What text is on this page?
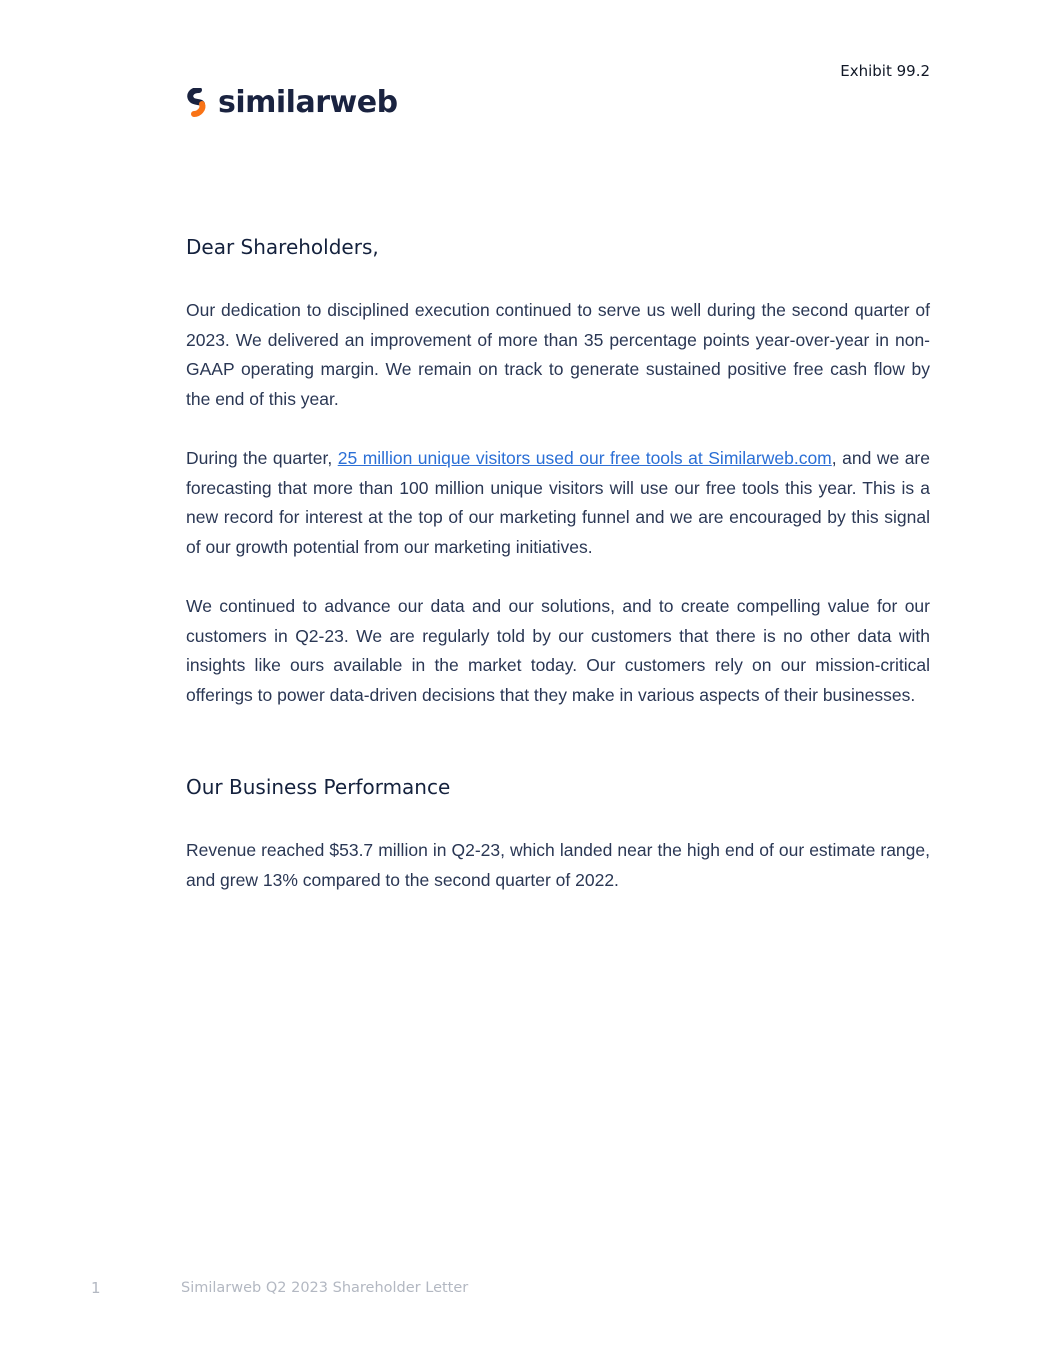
Exhibit 99.2
similarweb
Dear Shareholders,

Our dedication to disciplined execution continued to serve us well during the second quarter of 2023. We delivered an improvement of more than 35 percentage points year-over-year in non-GAAP operating margin. We remain on track to generate sustained positive free cash flow by the end of this year.

During the quarter, 25 million unique visitors used our free tools at Similarweb.com, and we are forecasting that more than 100 million unique visitors will use our free tools this year. This is a new record for interest at the top of our marketing funnel and we are encouraged by this signal of our growth potential from our marketing initiatives.

We continued to advance our data and our solutions, and to create compelling value for our customers in Q2-23. We are regularly told by our customers that there is no other data with insights like ours available in the market today. Our customers rely on our mission-critical offerings to power data-driven decisions that they make in various aspects of their businesses.

Our Business Performance

Revenue reached $53.7 million in Q2-23, which landed near the high end of our estimate range, and grew 13% compared to the second quarter of 2022.

1	Similarweb Q2 2023 Shareholder Letter
